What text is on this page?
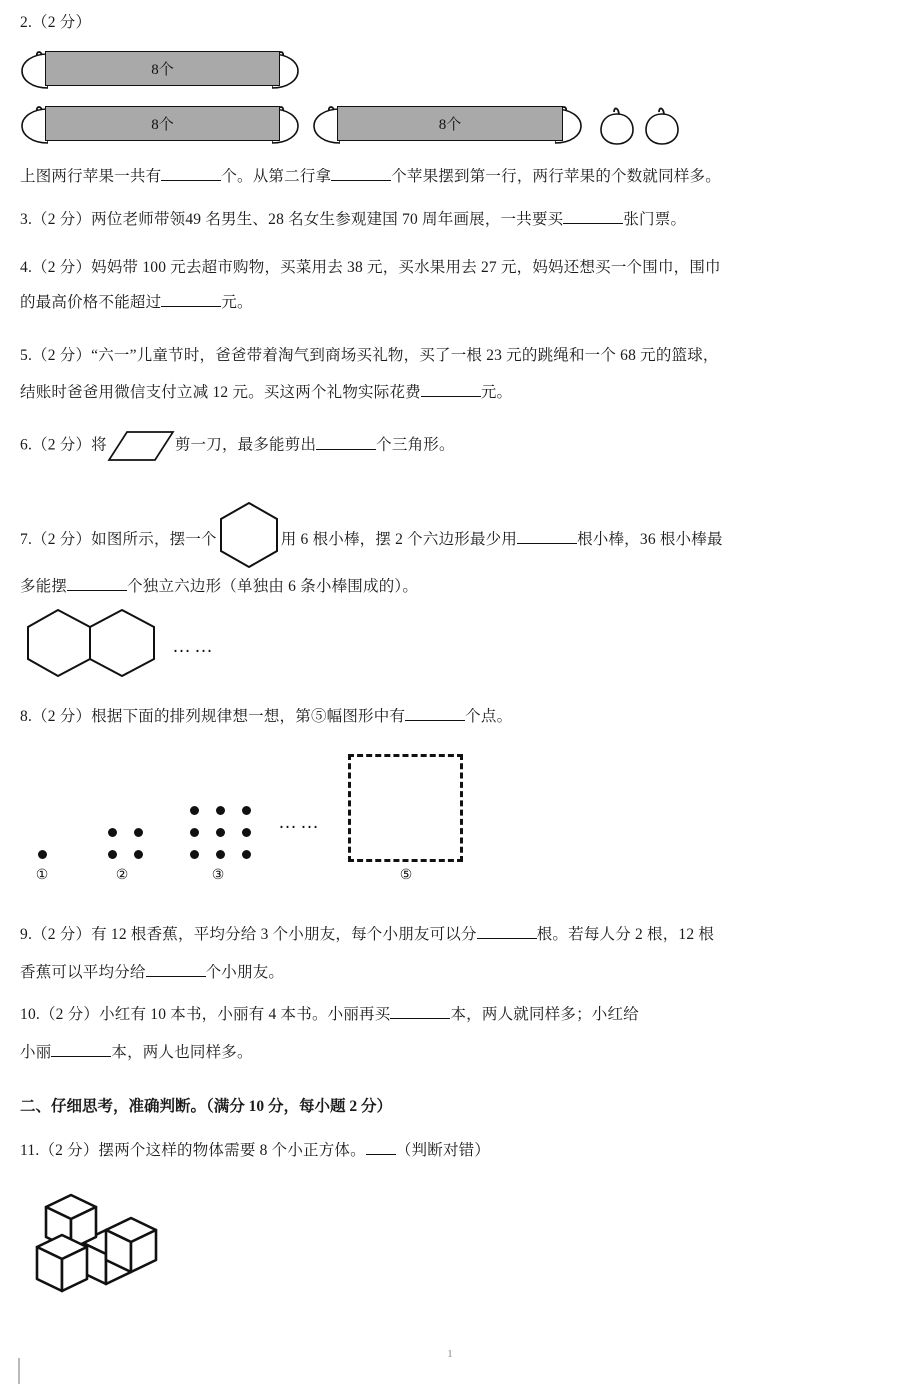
2.（2 分）
8个
8个	8个
上图两行苹果一共有	个。从第二行拿	个苹果摆到第一行，两行苹果的个数就同样多。
3.（2 分）两位老师带领49 名男生、28 名女生参观建国 70 周年画展，一共要买	张门票。
4.（2 分）妈妈带 100 元去超市购物，买菜用去 38 元，买水果用去 27 元，妈妈还想买一个围巾，围巾
的最高价格不能超过	元。
5.（2 分）“六一”儿童节时，爸爸带着淘气到商场买礼物，买了一根 23 元的跳绳和一个 68 元的篮球，
结账时爸爸用微信支付立减 12 元。买这两个礼物实际花费	元。
6.（2 分）将	剪一刀，最多能剪出	个三角形。
7.（2 分）如图所示，摆一个	用 6 根小棒，摆 2 个六边形最少用	根小棒，36 根小棒最
多能摆	个独立六边形（单独由 6 条小棒围成的）。
……
8.（2 分）根据下面的排列规律想一想，第⑤幅图形中有	个点。
①	②	③
……
⑤
9.（2 分）有 12 根香蕉，平均分给 3 个小朋友，每个小朋友可以分	根。若每人分 2 根，12 根
香蕉可以平均分给	个小朋友。
10.（2 分）小红有 10 本书，小丽有 4 本书。小丽再买	本，两人就同样多；小红给
小丽	本，两人也同样多。
二、仔细思考，准确判断。（满分 10 分，每小题 2 分）
11.（2 分）摆两个这样的物体需要 8 个小正方体。 （判断对错）
1
